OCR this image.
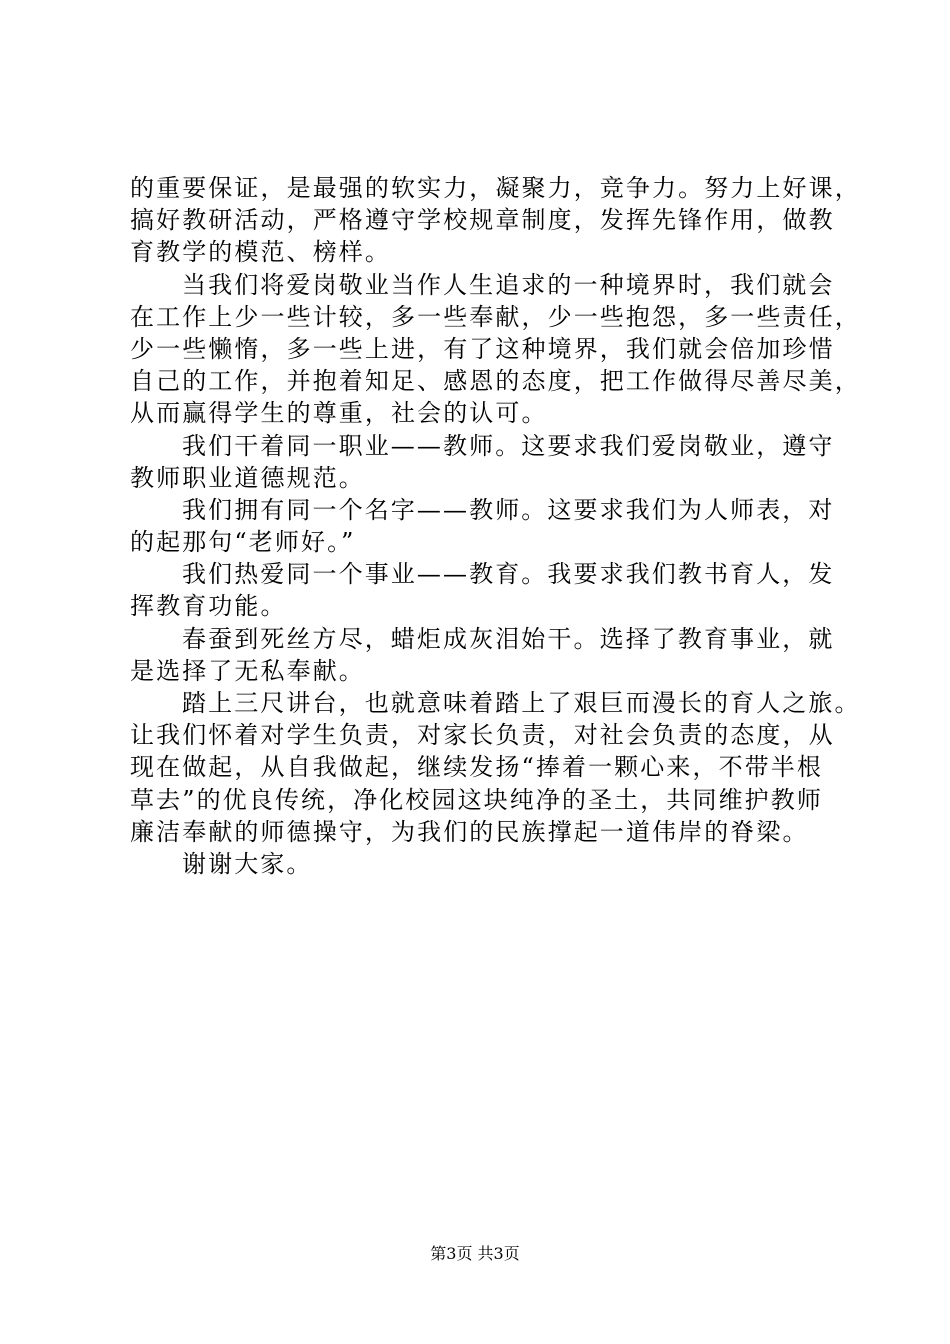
的重要保证，是最强的软实力，凝聚力，竞争力。努力上好课，
搞好教研活动，严格遵守学校规章制度，发挥先锋作用，做教
育教学的模范、榜样。
当我们将爱岗敬业当作人生追求的一种境界时，我们就会
在工作上少一些计较，多一些奉献，少一些抱怨，多一些责任，
少一些懒惰，多一些上进，有了这种境界，我们就会倍加珍惜
自己的工作，并抱着知足、感恩的态度，把工作做得尽善尽美，
从而赢得学生的尊重，社会的认可。
我们干着同一职业——教师。这要求我们爱岗敬业，遵守
教师职业道德规范。
我们拥有同一个名字——教师。这要求我们为人师表，对
的起那句“老师好。”
我们热爱同一个事业——教育。我要求我们教书育人，发
挥教育功能。
春蚕到死丝方尽，蜡炬成灰泪始干。选择了教育事业，就
是选择了无私奉献。
踏上三尺讲台，也就意味着踏上了艰巨而漫长的育人之旅。
让我们怀着对学生负责，对家长负责，对社会负责的态度，从
现在做起，从自我做起，继续发扬“捧着一颗心来，不带半根
草去”的优良传统，净化校园这块纯净的圣土，共同维护教师
廉洁奉献的师德操守，为我们的民族撑起一道伟岸的脊梁。
谢谢大家。
第3页 共3页
